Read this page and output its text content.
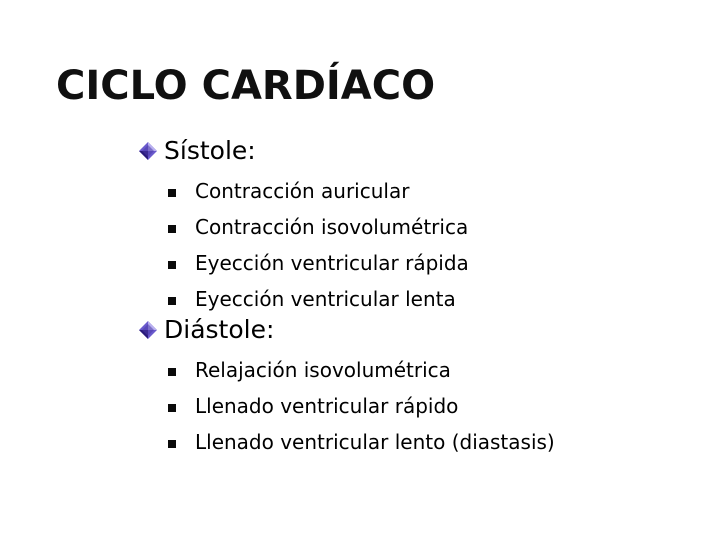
CICLO CARDÍACO
Sístole:
Contracción auricular
Contracción isovolumétrica
Eyección ventricular rápida
Eyección ventricular lenta
Diástole:
Relajación isovolumétrica
Llenado ventricular rápido
Llenado ventricular lento (diastasis)
